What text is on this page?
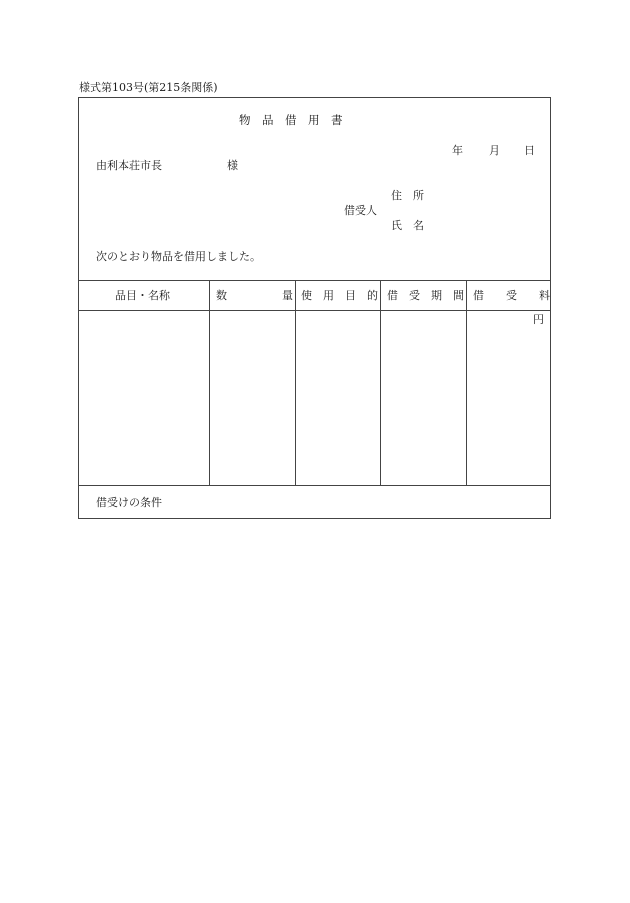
様式第103号(第215条関係)
物　品　借　用　書
年 月 日
由利本荘市長	様
借受人
住　所
氏　名
次のとおり物品を借用しました。
品目・名称	数　　　　　量 使　用　目　的 借　受　期　間 借　　受　　料
円
借受けの条件
